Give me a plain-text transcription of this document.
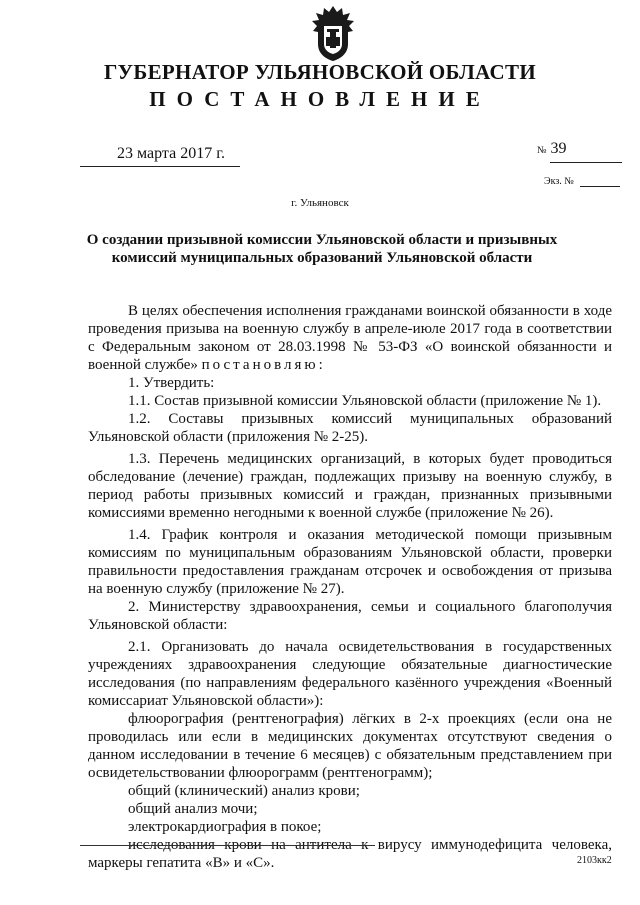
ГУБЕРНАТОР УЛЬЯНОВСКОЙ ОБЛАСТИ
ПОСТАНОВЛЕНИЕ
23 марта 2017 г.	№ 39
Экз. №
г. Ульяновск
О создании призывной комиссии Ульяновской области и призывных комиссий муниципальных образований Ульяновской области

В целях обеспечения исполнения гражданами воинской обязанности в ходе проведения призыва на военную службу в апреле-июле 2017 года в соответствии с Федеральным законом от 28.03.1998 № 53-ФЗ «О воинской обязанности и военной службе» постановляю:

1. Утвердить:

1.1. Состав призывной комиссии Ульяновской области (приложение № 1).

1.2. Составы призывных комиссий муниципальных образований Ульяновской области (приложения № 2-25).

1.3. Перечень медицинских организаций, в которых будет проводиться обследование (лечение) граждан, подлежащих призыву на военную службу, в период работы призывных комиссий и граждан, признанных призывными комиссиями временно негодными к военной службе (приложение № 26).

1.4. График контроля и оказания методической помощи призывным комиссиям по муниципальным образованиям Ульяновской области, проверки правильности предоставления гражданам отсрочек и освобождения от призыва на военную службу (приложение № 27).

2. Министерству здравоохранения, семьи и социального благополучия Ульяновской области:

2.1. Организовать до начала освидетельствования в государственных учреждениях здравоохранения следующие обязательные диагностические исследования (по направлениям федерального казённого учреждения «Военный комиссариат Ульяновской области»):

флюорография (рентгенография) лёгких в 2-х проекциях (если она не проводилась или если в медицинских документах отсутствуют сведения о данном исследовании в течение 6 месяцев) с обязательным представлением при освидетельствовании флюорограмм (рентгенограмм);

общий (клинический) анализ крови;

общий анализ мочи;

электрокардиография в покое;

исследования крови на антитела к вирусу иммунодефицита человека, маркеры гепатита «В» и «С».	2103кк2
